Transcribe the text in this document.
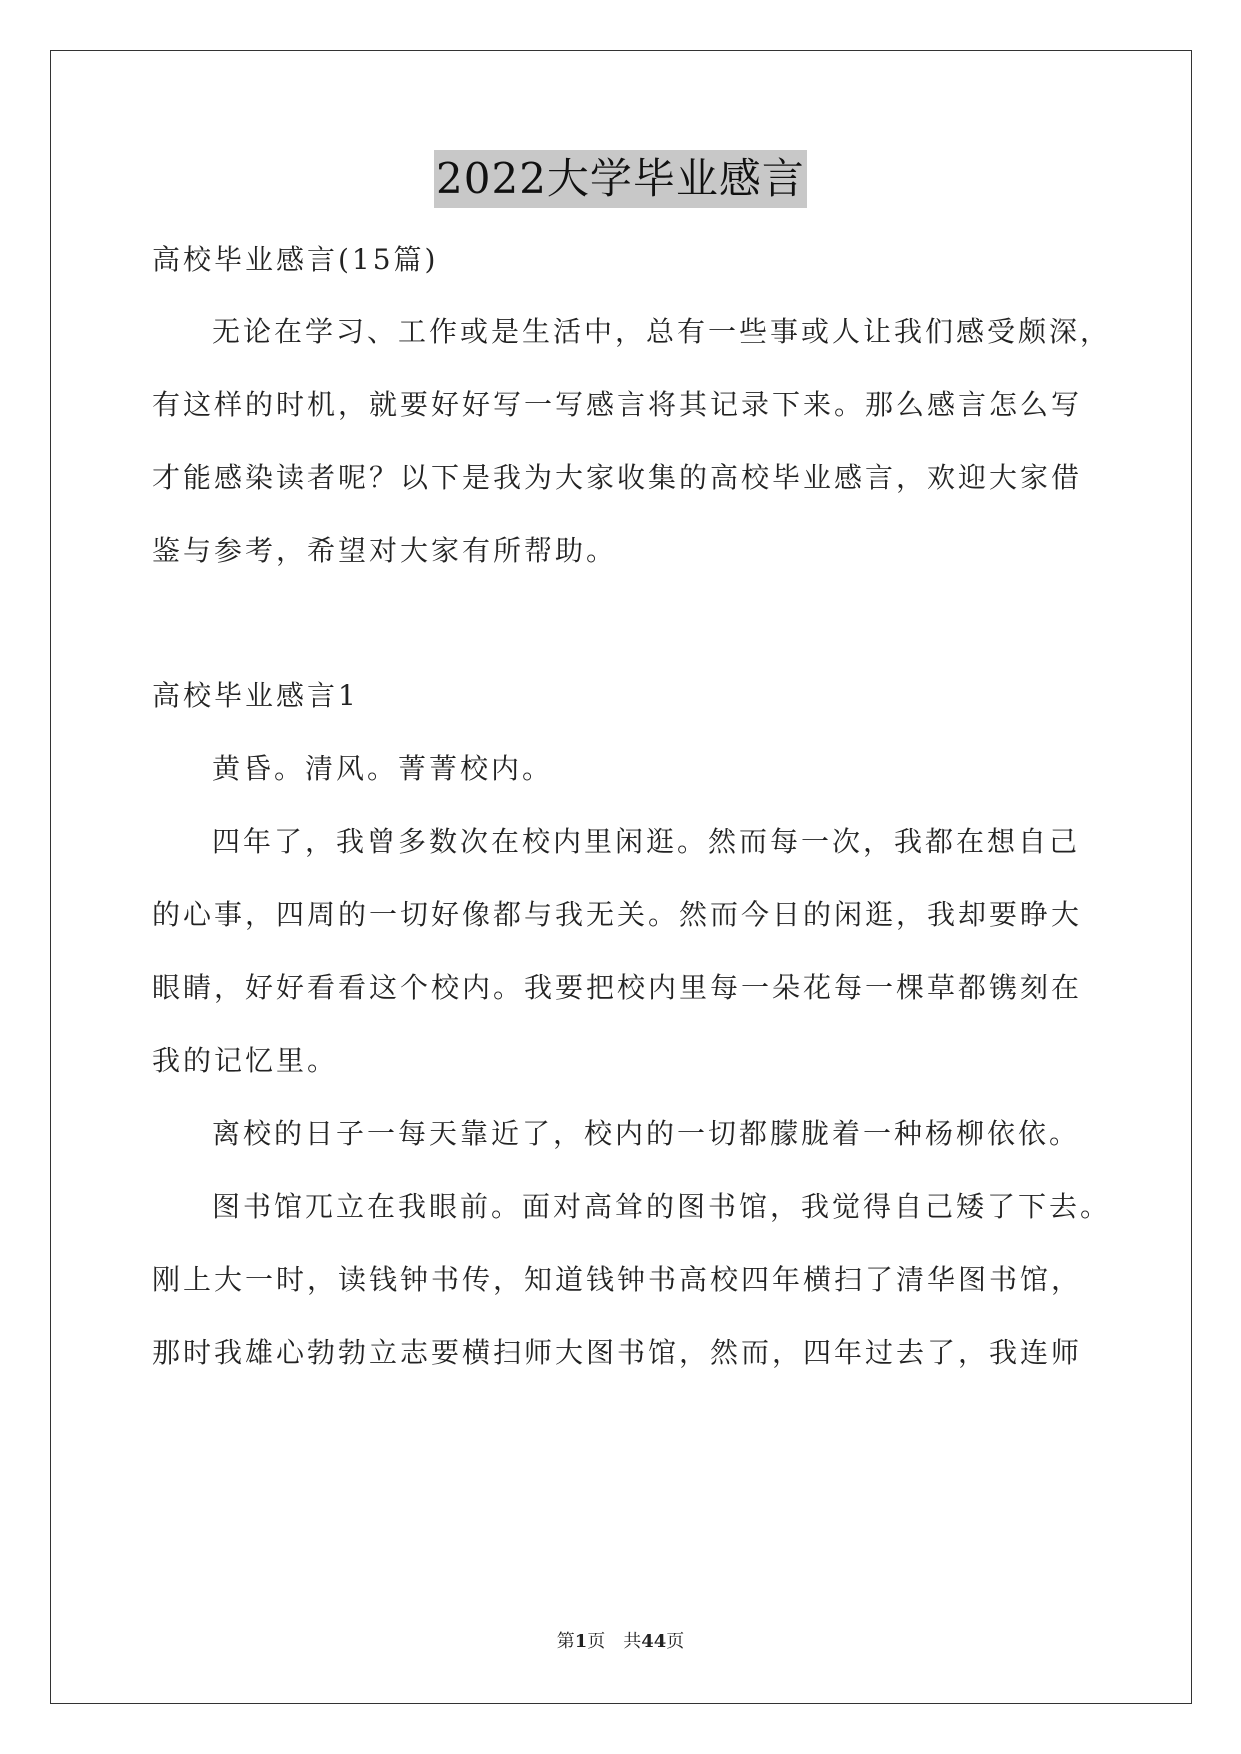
2022大学毕业感言
高校毕业感言(15篇)
无论在学习、工作或是生活中，总有一些事或人让我们感受颇深，
有这样的时机，就要好好写一写感言将其记录下来。那么感言怎么写
才能感染读者呢？以下是我为大家收集的高校毕业感言，欢迎大家借
鉴与参考，希望对大家有所帮助。
高校毕业感言1
黄昏。清风。菁菁校内。
四年了，我曾多数次在校内里闲逛。然而每一次，我都在想自己
的心事，四周的一切好像都与我无关。然而今日的闲逛，我却要睁大
眼睛，好好看看这个校内。我要把校内里每一朵花每一棵草都镌刻在
我的记忆里。
离校的日子一每天靠近了，校内的一切都朦胧着一种杨柳依依。
图书馆兀立在我眼前。面对高耸的图书馆，我觉得自己矮了下去。
刚上大一时，读钱钟书传，知道钱钟书高校四年横扫了清华图书馆，
那时我雄心勃勃立志要横扫师大图书馆，然而，四年过去了，我连师
第1页　共44页
